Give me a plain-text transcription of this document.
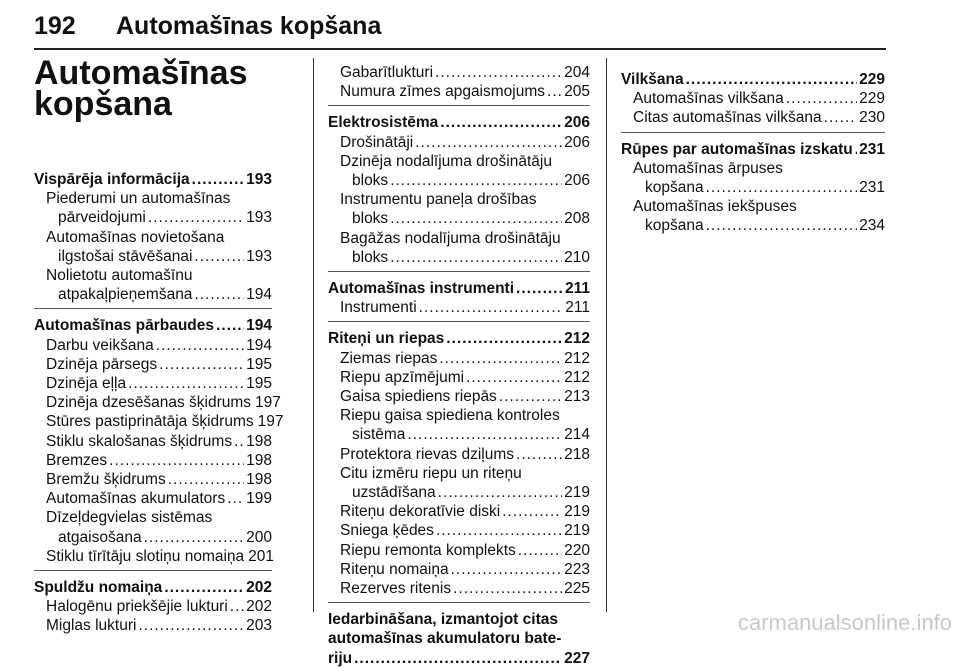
192 Automašīnas kopšana
Automašīnas
kopšana
Vispārēja informācija .....	193
Piederumi un automašīnas
pārveidojumi .....	193
Automašīnas novietošana
ilgstošai stāvēšanai .....	193
Nolietotu automašīnu
atpakaļpieņemšana .....	194
Automašīnas pārbaudes ..... 194
Darbu veikšana .....	194
Dzinēja pārsegs .....	195
Dzinēja eļļa .....	195
Dzinēja dzesēšanas šķidrums 197
Stūres pastiprinātāja šķidrums 197
Stiklu skalošanas šķidrums ..... 198
Bremzes .....	198
Bremžu šķidrums .....	198
Automašīnas akumulators ..... 199
Dīzeļdegvielas sistēmas
atgaisošana .....	200
Stiklu tīrītāju slotiņu nomaiņa 201
Spuldžu nomaiņa .....	202
Halogēnu priekšējie lukturi ..... 202
Miglas lukturi .....	203
Gabarītlukturi .....	204
Numura zīmes apgaismojums ..... 205
Elektrosistēma .....	206
Drošinātāji .....	206
Dzinēja nodalījuma drošinātāju
bloks .....	206
Instrumentu paneļa drošības
bloks .....	208
Bagāžas nodalījuma drošinātāju
bloks .....	210
Automašīnas instrumenti .....	211
Instrumenti .....	211
Riteņi un riepas .....	212
Ziemas riepas .....	212
Riepu apzīmējumi .....	212
Gaisa spiediens riepās .....	213
Riepu gaisa spiediena kontroles
sistēma .....	214
Protektora rievas dziļums .....	218
Citu izmēru riepu un riteņu
uzstādīšana .....	219
Riteņu dekoratīvie diski .....	219
Sniega ķēdes .....	219
Riepu remonta komplekts .....	220
Riteņu nomaiņa .....	223
Rezerves ritenis .....	225
Iedarbināšana, izmantojot citas
automašīnas akumulatoru bate-
riju .....	227
Vilkšana .....	229
Automašīnas vilkšana .....	229
Citas automašīnas vilkšana ..... 230
Rūpes par automašīnas izskatu ..... 231
Automašīnas ārpuses
kopšana .....	231
Automašīnas iekšpuses
kopšana .....	234
carmanualsonline.info
